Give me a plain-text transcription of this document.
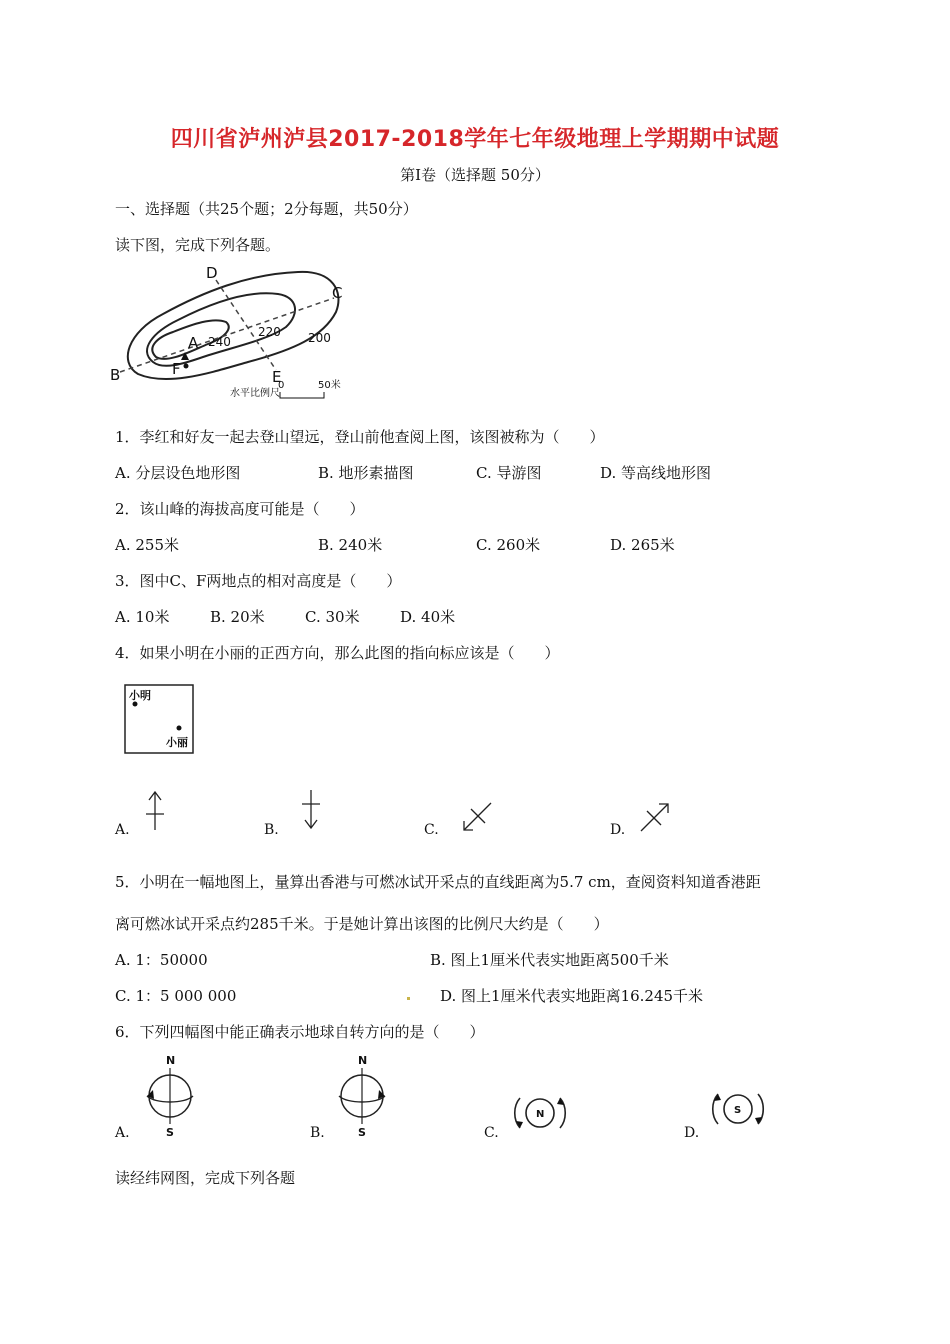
四川省泸州泸县2017-2018学年七年级地理上学期期中试题
第Ⅰ卷（选择题 50分）
一、选择题（共25个题；2分每题，共50分）
读下图，完成下列各题。
D
C
A
B	F	E
240
220 200
水平比例尺
0	50米
1．李红和好友一起去登山望远，登山前他查阅上图，该图被称为（　　）
A. 分层设色地形图	B. 地形素描图	C. 导游图	D. 等高线地形图
2．该山峰的海拔高度可能是（　　）
A. 255米	B. 240米	C. 260米	D. 265米
3．图中C、F两地点的相对高度是（　　）
A. 10米	B. 20米	C. 30米	D. 40米
4．如果小明在小丽的正西方向，那么此图的指向标应该是（　　）
小明
小丽
A.	B.	C.	D.
5．小明在一幅地图上，量算出香港与可燃冰试开采点的直线距离为5.7 cm，查阅资料知道香港距
离可燃冰试开采点约285千米。于是她计算出该图的比例尺大约是（　　）
A. 1：50000	B. 图上1厘米代表实地距离500千米
C. 1：5 000 000	D. 图上1厘米代表实地距离16.245千米
6．下列四幅图中能正确表示地球自转方向的是（　　）
A.
N
S	B.
N
S	C.
N
D.
S
读经纬网图，完成下列各题
